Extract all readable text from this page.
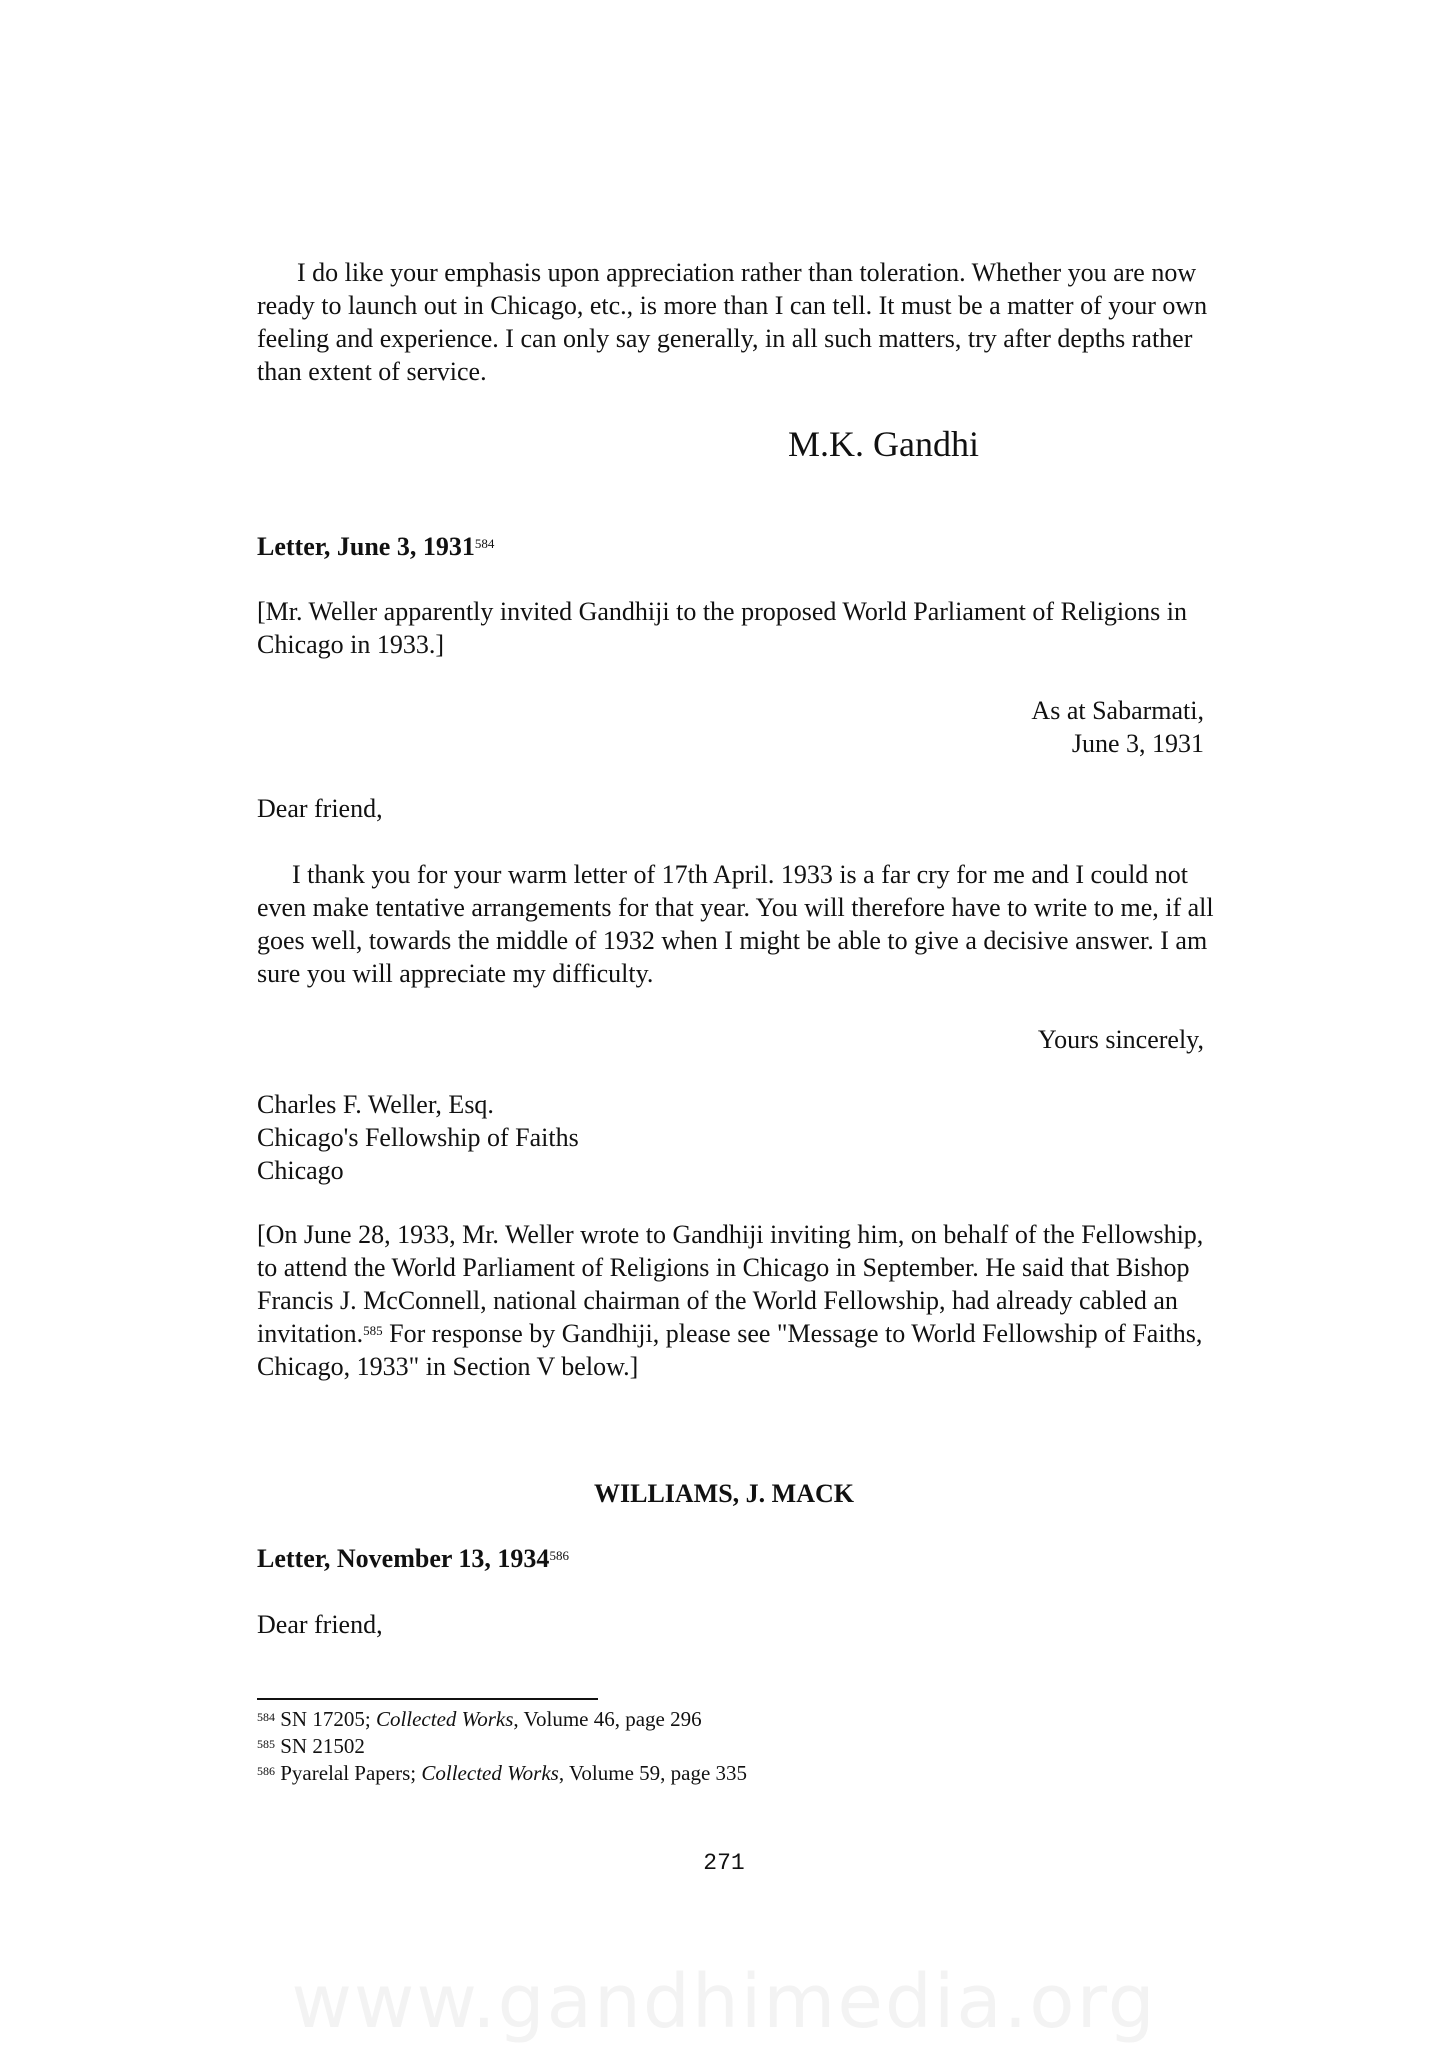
I do like your emphasis upon appreciation rather than toleration. Whether you are now ready to launch out in Chicago, etc., is more than I can tell. It must be a matter of your own feeling and experience. I can only say generally, in all such matters, try after depths rather than extent of service.

M.K. Gandhi
Letter, June 3, 1931$^{584}$

[Mr. Weller apparently invited Gandhiji to the proposed World Parliament of Religions in Chicago in 1933.]

As at Sabarmati,
June 3, 1931
Dear friend,

I thank you for your warm letter of 17th April. 1933 is a far cry for me and I could not even make tentative arrangements for that year. You will therefore have to write to me, if all goes well, towards the middle of 1932 when I might be able to give a decisive answer. I am sure you will appreciate my difficulty.

Yours sincerely,
Charles F. Weller, Esq.
Chicago's Fellowship of Faiths
Chicago

[On June 28, 1933, Mr. Weller wrote to Gandhiji inviting him, on behalf of the Fellowship, to attend the World Parliament of Religions in Chicago in September. He said that Bishop Francis J. McConnell, national chairman of the World Fellowship, had already cabled an invitation.$^{585}$ For response by Gandhiji, please see "Message to World Fellowship of Faiths, Chicago, 1933" in Section V below.]

WILLIAMS, J. MACK
Letter, November 13, 1934$^{586}$
Dear friend,
$^{584}$ SN 17205; Collected Works, Volume 46, page 296
$^{585}$ SN 21502
$^{586}$ Pyarelal Papers; Collected Works, Volume 59, page 335
271
www.gandhimedia.org
